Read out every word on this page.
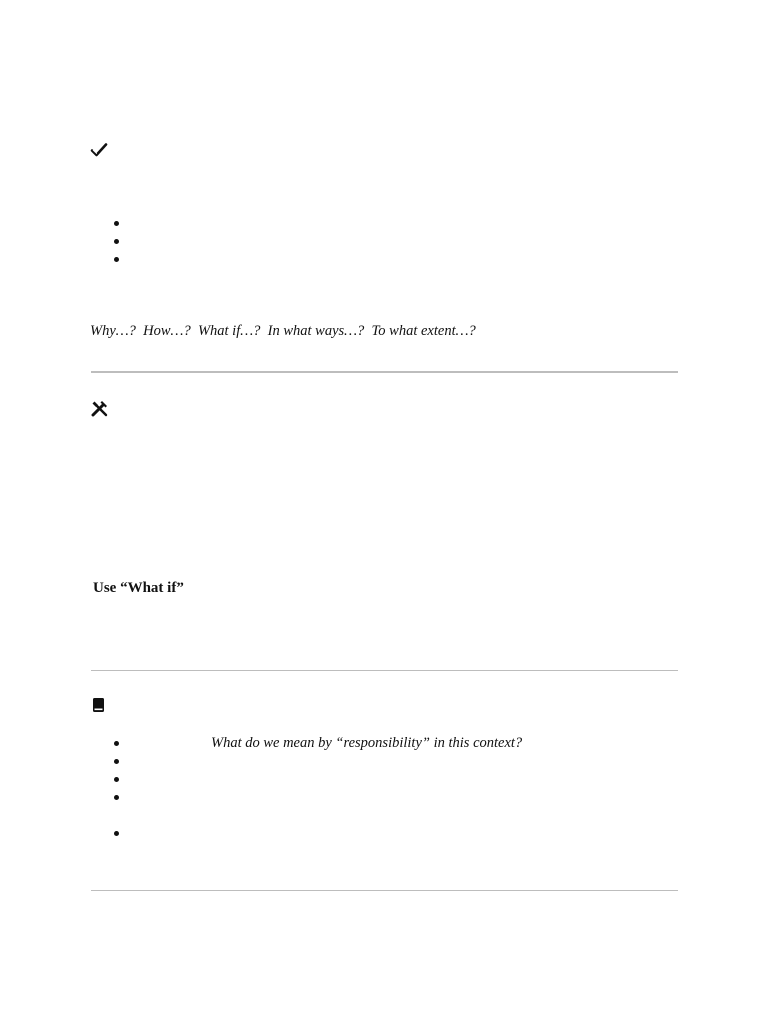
Why…?  How…?  What if…?  In what ways…?  To what extent…?
Use “What if”
What do we mean by “responsibility” in this context?
